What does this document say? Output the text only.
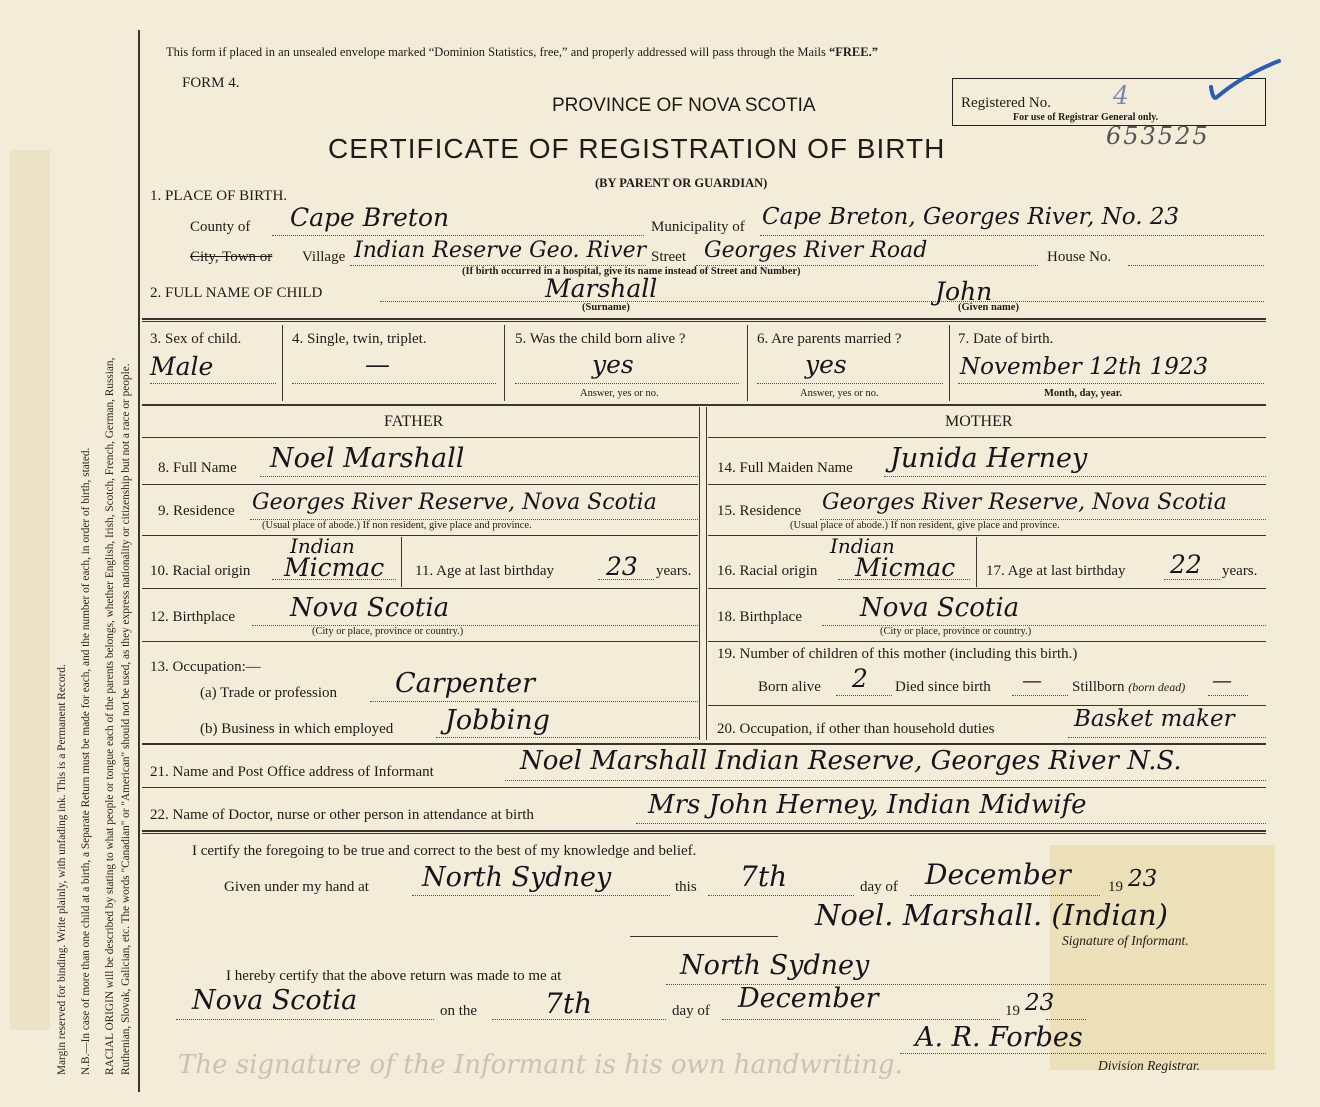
Margin reserved for binding. Write plainly, with unfading ink. This is a Permanent Record. N.B.—In case of more than one child at a birth, a Separate Return must be made for each, and the number of each, in order of birth, stated. RACIAL ORIGIN will be described by stating to what people or tongue each of the parents belongs, whether English, Irish, Scotch, French, German, Russian, Ruthenian, Slovak, Galician, etc. The words "Canadian" or "American" should not be used, as they express nationality or citizenship but not a race or people.
This form if placed in an unsealed envelope marked “Dominion Statistics, free,” and properly addressed will pass through the Mails “FREE.”
FORM 4.
PROVINCE OF NOVA SCOTIA
CERTIFICATE OF REGISTRATION OF BIRTH
(BY PARENT OR GUARDIAN)
Registered No. 4
For use of Registrar General only.
653525
1. PLACE OF BIRTH.
County of Cape Breton	Municipality of Cape Breton, Georges River, No. 23
City, Town or Village Indian Reserve Geo. River Street Georges River Road	House No.
(If birth occurred in a hospital, give its name instead of Street and Number)
2. FULL NAME OF CHILD	Marshall	John
(Surname)	(Given name)
3. Sex of child.
Male
4. Single, twin, triplet.
—
5. Was the child born alive ?
yes
Answer, yes or no.
6. Are parents married ?
yes
Answer, yes or no.
7. Date of birth.
November 12th 1923
Month, day, year.
FATHER	MOTHER
8. Full Name Noel Marshall	14. Full Maiden Name Junida Herney
9. Residence Georges River Reserve, Nova Scotia
(Usual place of abode.) If non resident, give place and province.
15. Residence Georges River Reserve, Nova Scotia
(Usual place of abode.) If non resident, give place and province.
10. Racial origin
Indian
Micmac 11. Age at last birthday 23 years. 16. Racial origin
Indian
Micmac 17. Age at last birthday 22 years.
12. Birthplace Nova Scotia
(City or place, province or country.)
18. Birthplace Nova Scotia
(City or place, province or country.)
13. Occupation:—
(a) Trade or profession Carpenter
(b) Business in which employed Jobbing
19. Number of children of this mother (including this birth.)
Born alive 2 Died since birth — Stillborn (born dead) —
20. Occupation, if other than household duties	Basket maker
21. Name and Post Office address of Informant	Noel Marshall Indian Reserve, Georges River N.S.
22. Name of Doctor, nurse or other person in attendance at birth	Mrs John Herney, Indian Midwife
I certify the foregoing to be true and correct to the best of my knowledge and belief.
Given under my hand at North Sydney	this 7th	day of December 19 23
Noel. Marshall. (Indian)
Signature of Informant.
I hereby certify that the above return was made to me at	North Sydney
Nova Scotia	on the 7th	day of December	19 23
A. R. Forbes
Division Registrar.
The signature of the Informant is his own handwriting.
